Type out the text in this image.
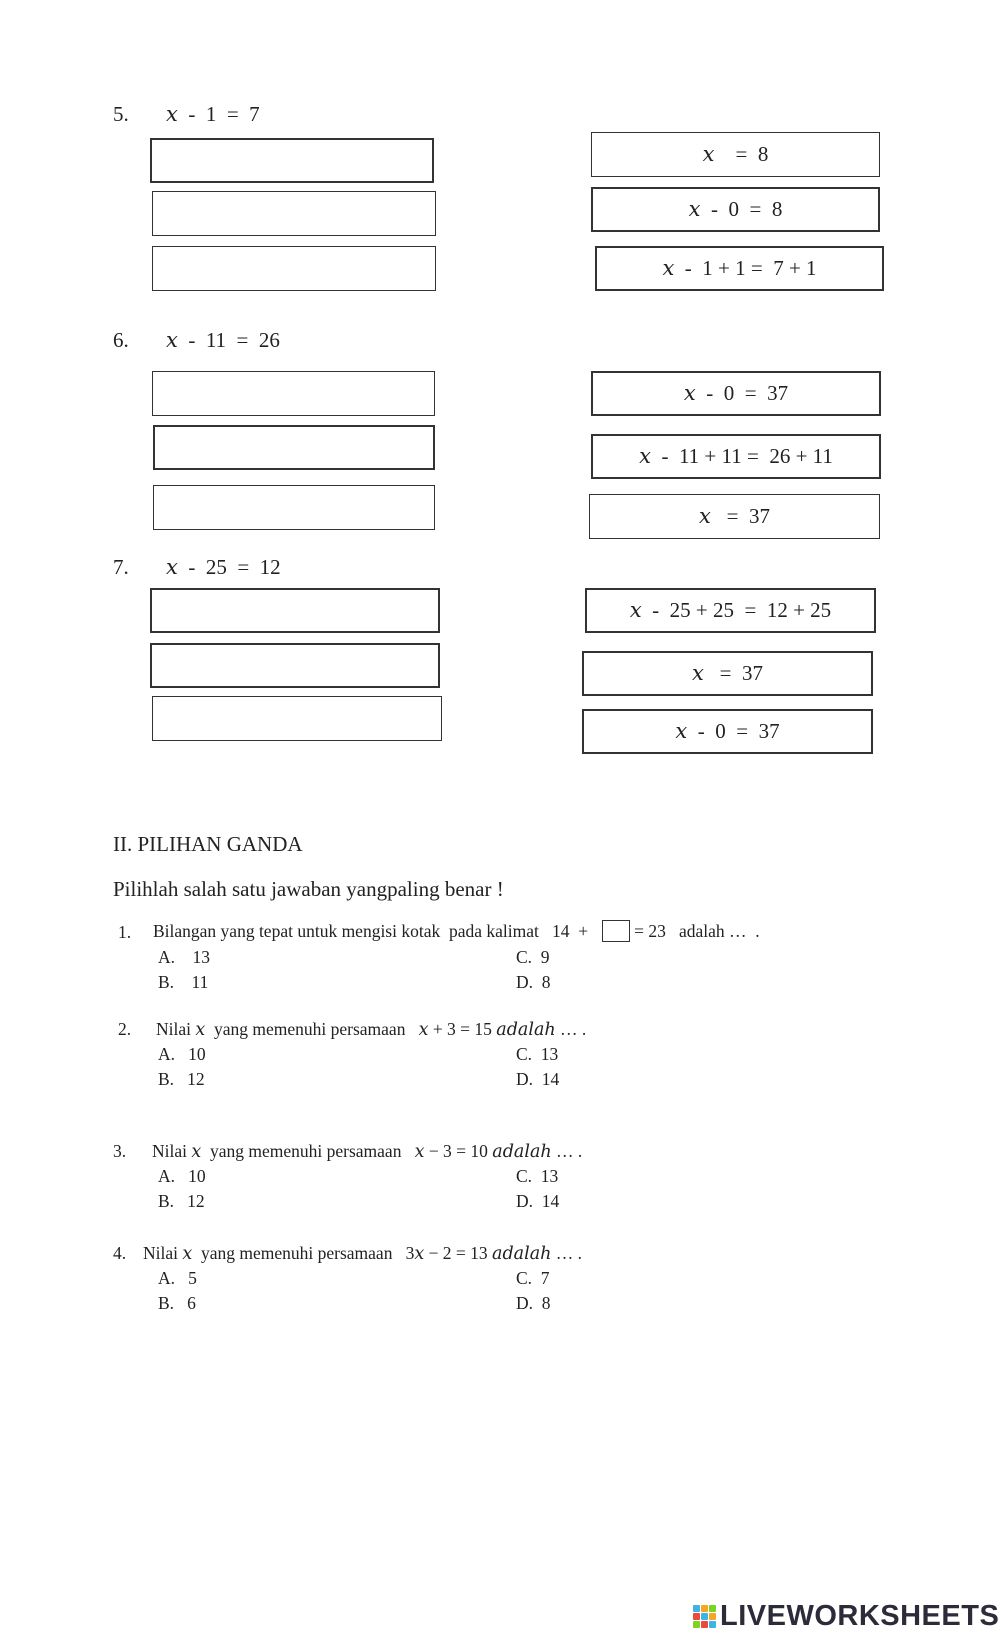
5. 𝑥  -  1  =  7
𝑥    =  8
𝑥  -  0  =  8
𝑥  -  1 + 1 =  7 + 1
6. 𝑥  -  11  =  26
𝑥  -  0  =  37
𝑥  -  11 + 11 =  26 + 11
𝑥   =  37
7. 𝑥  -  25  =  12
𝑥  -  25 + 25  =  12 + 25
𝑥   =  37
𝑥  -  0  =  37
II. PILIHAN GANDA
Pilihlah salah satu jawaban yangpaling benar !
1. Bilangan yang tepat untuk mengisi kotak  pada kalimat   14  +	= 23   adalah …  .
A.    13	C.  9
B.    11	D.  8
2. Nilai 𝑥  yang memenuhi persamaan   𝑥 + 3 = 15 𝑎𝑑𝑎𝑙𝑎ℎ … .
A.   10	C.  13
B.   12	D.  14
3. Nilai 𝑥  yang memenuhi persamaan   𝑥 − 3 = 10 𝑎𝑑𝑎𝑙𝑎ℎ … .
A.   10	C.  13
B.   12	D.  14
4. Nilai 𝑥  yang memenuhi persamaan   3𝑥 − 2 = 13 𝑎𝑑𝑎𝑙𝑎ℎ … .
A.   5	C.  7
B.   6	D.  8
LIVEWORKSHEETS
